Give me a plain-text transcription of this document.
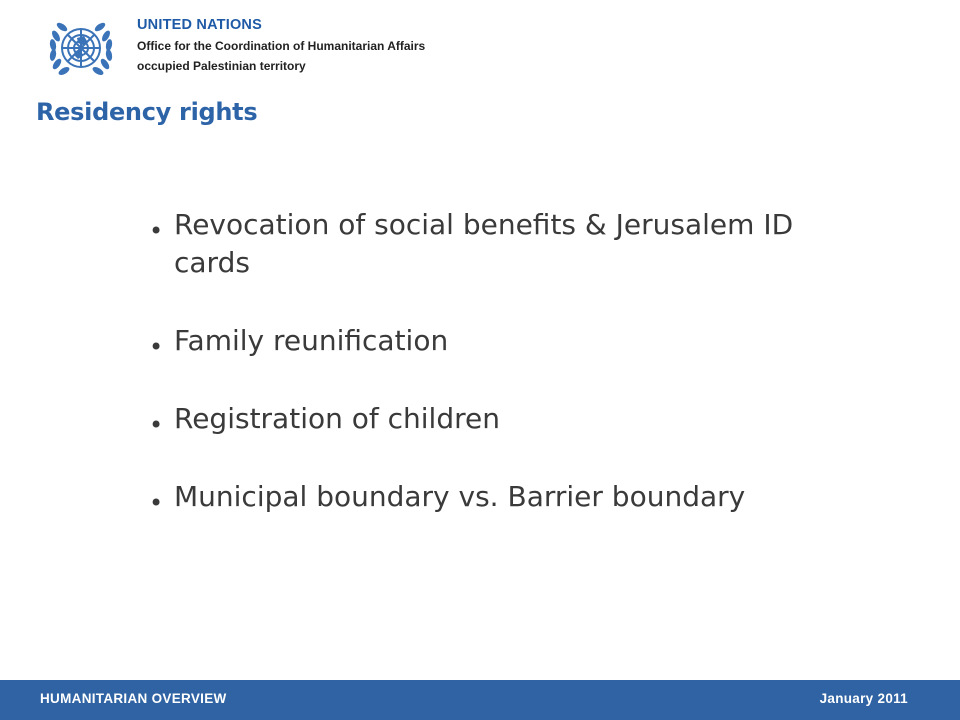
UNITED NATIONS
Office for the Coordination of Humanitarian Affairs
occupied Palestinian territory
Residency rights
• Revocation of social benefits & Jerusalem ID cards
• Family reunification
• Registration of children
• Municipal boundary vs. Barrier boundary
HUMANITARIAN OVERVIEW	January 2011
